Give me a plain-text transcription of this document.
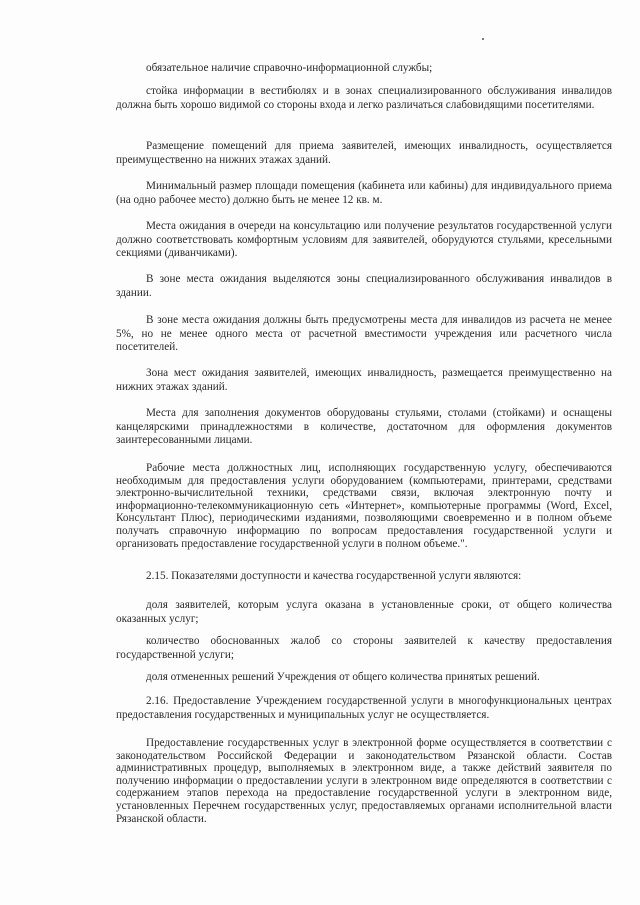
обязательное наличие справочно-информационной службы;

стойка информации в вестибюлях и в зонах специализированного обслуживания инвалидов должна быть хорошо видимой со стороны входа и легко различаться слабовидящими посетителями.

Размещение помещений для приема заявителей, имеющих инвалидность, осуществляется преимущественно на нижних этажах зданий.

Минимальный размер площади помещения (кабинета или кабины) для индивидуального приема (на одно рабочее место) должно быть не менее 12 кв. м.

Места ожидания в очереди на консультацию или получение результатов государственной услуги должно соответствовать комфортным условиям для заявителей, оборудуются стульями, кресельными секциями (диванчиками).

В зоне места ожидания выделяются зоны специализированного обслуживания инвалидов в здании.

В зоне места ожидания должны быть предусмотрены места для инвалидов из расчета не менее 5%, но не менее одного места от расчетной вместимости учреждения или расчетного числа посетителей.

Зона мест ожидания заявителей, имеющих инвалидность, размещается преимущественно на нижних этажах зданий.

Места для заполнения документов оборудованы стульями, столами (стойками) и оснащены канцелярскими принадлежностями в количестве, достаточном для оформления документов заинтересованными лицами.

Рабочие места должностных лиц, исполняющих государственную услугу, обеспечиваются необходимым для предоставления услуги оборудованием (компьютерами, принтерами, средствами электронно-вычислительной техники, средствами связи, включая электронную почту и информационно-телекоммуникационную сеть «Интернет», компьютерные программы (Word, Excel, Консультант Плюс), периодическими изданиями, позволяющими своевременно и в полном объеме получать справочную информацию по вопросам предоставления государственной услуги и организовать предоставление государственной услуги в полном объеме.".

2.15. Показателями доступности и качества государственной услуги являются:

доля заявителей, которым услуга оказана в установленные сроки, от общего количества оказанных услуг;

количество обоснованных жалоб со стороны заявителей к качеству предоставления государственной услуги;

доля отмененных решений Учреждения от общего количества принятых решений.

2.16. Предоставление Учреждением государственной услуги в многофункциональных центрах предоставления государственных и муниципальных услуг не осуществляется.

Предоставление государственных услуг в электронной форме осуществляется в соответствии с законодательством Российской Федерации и законодательством Рязанской области. Состав административных процедур, выполняемых в электронном виде, а также действий заявителя по получению информации о предоставлении услуги в электронном виде определяются в соответствии с содержанием этапов перехода на предоставление государственной услуги в электронном виде, установленных Перечнем государственных услуг, предоставляемых органами исполнительной власти Рязанской области.
